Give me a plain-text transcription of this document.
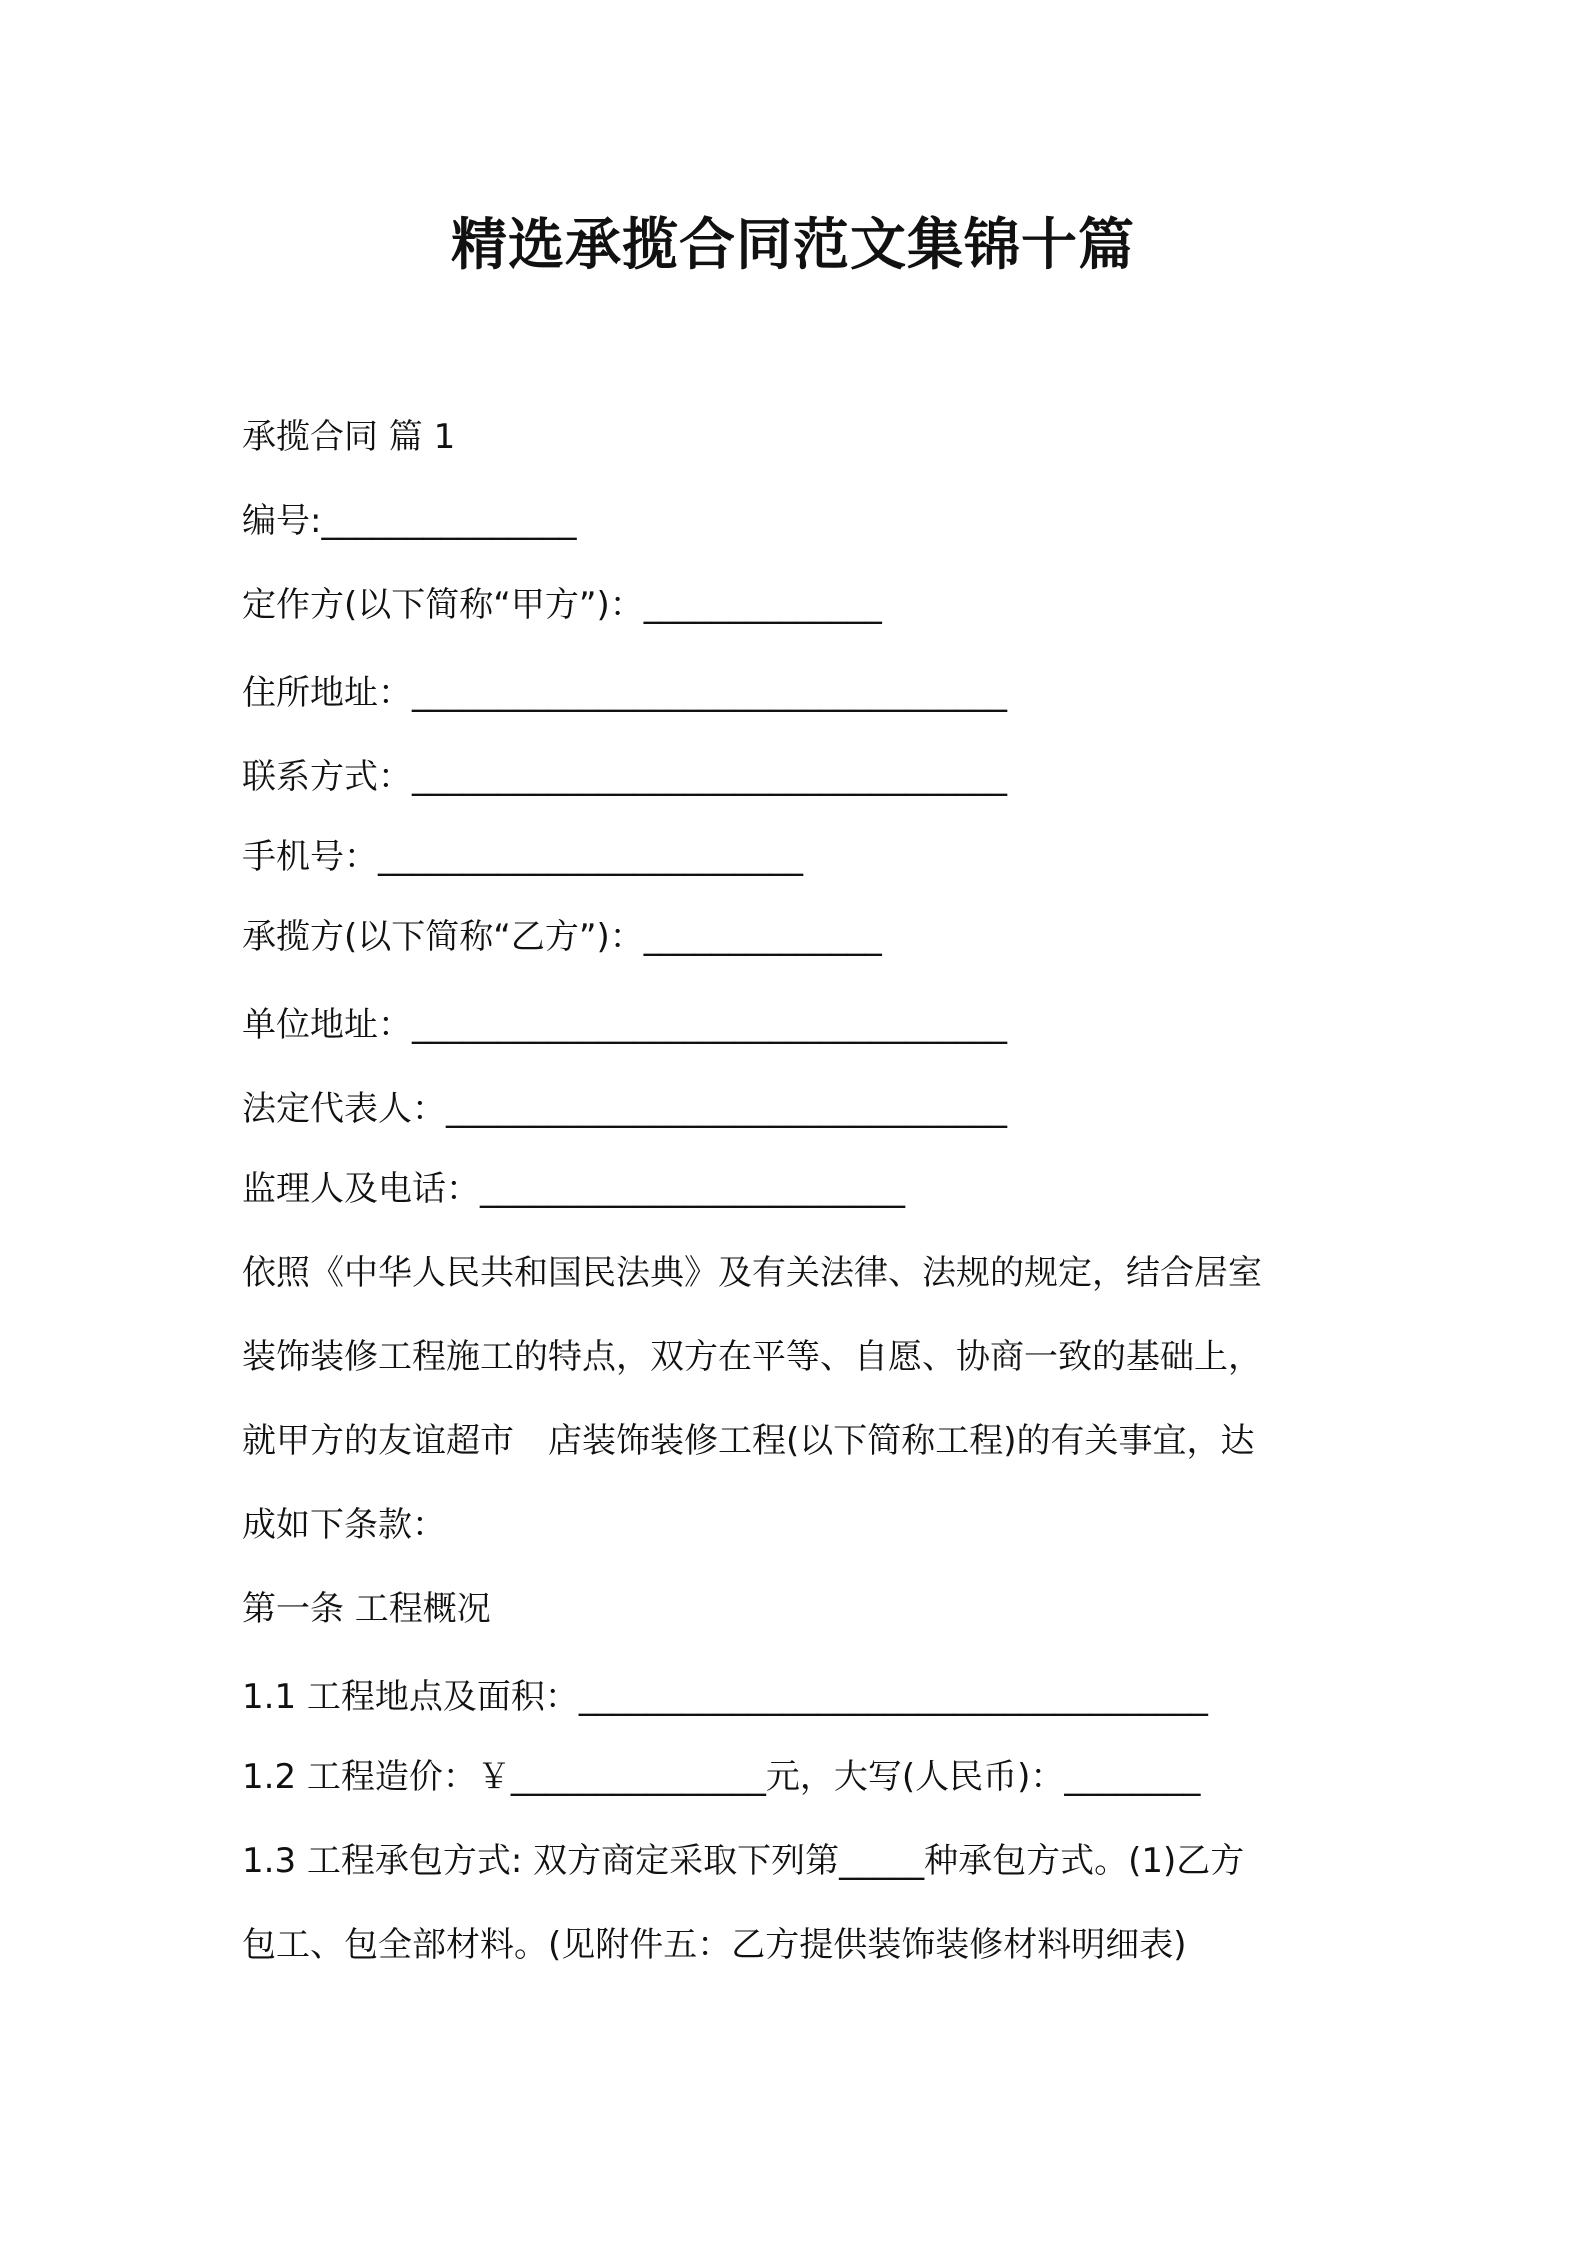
精选承揽合同范文集锦十篇
承揽合同 篇 1
编号:_______________
定作方(以下简称“甲方”)：______________
住所地址：___________________________________
联系方式：___________________________________
手机号：_________________________
承揽方(以下简称“乙方”)：______________
单位地址：___________________________________
法定代表人：_________________________________
监理人及电话：_________________________
依照《中华人民共和国民法典》及有关法律、法规的规定，结合居室
装饰装修工程施工的特点，双方在平等、自愿、协商一致的基础上，
就甲方的友谊超市　店装饰装修工程(以下简称工程)的有关事宜，达
成如下条款：
第一条 工程概况
1.1 工程地点及面积：_____________________________________
1.2 工程造价：￥_______________元，大写(人民币)：________
1.3 工程承包方式: 双方商定采取下列第_____种承包方式。(1)乙方
包工、包全部材料。(见附件五：乙方提供装饰装修材料明细表)
